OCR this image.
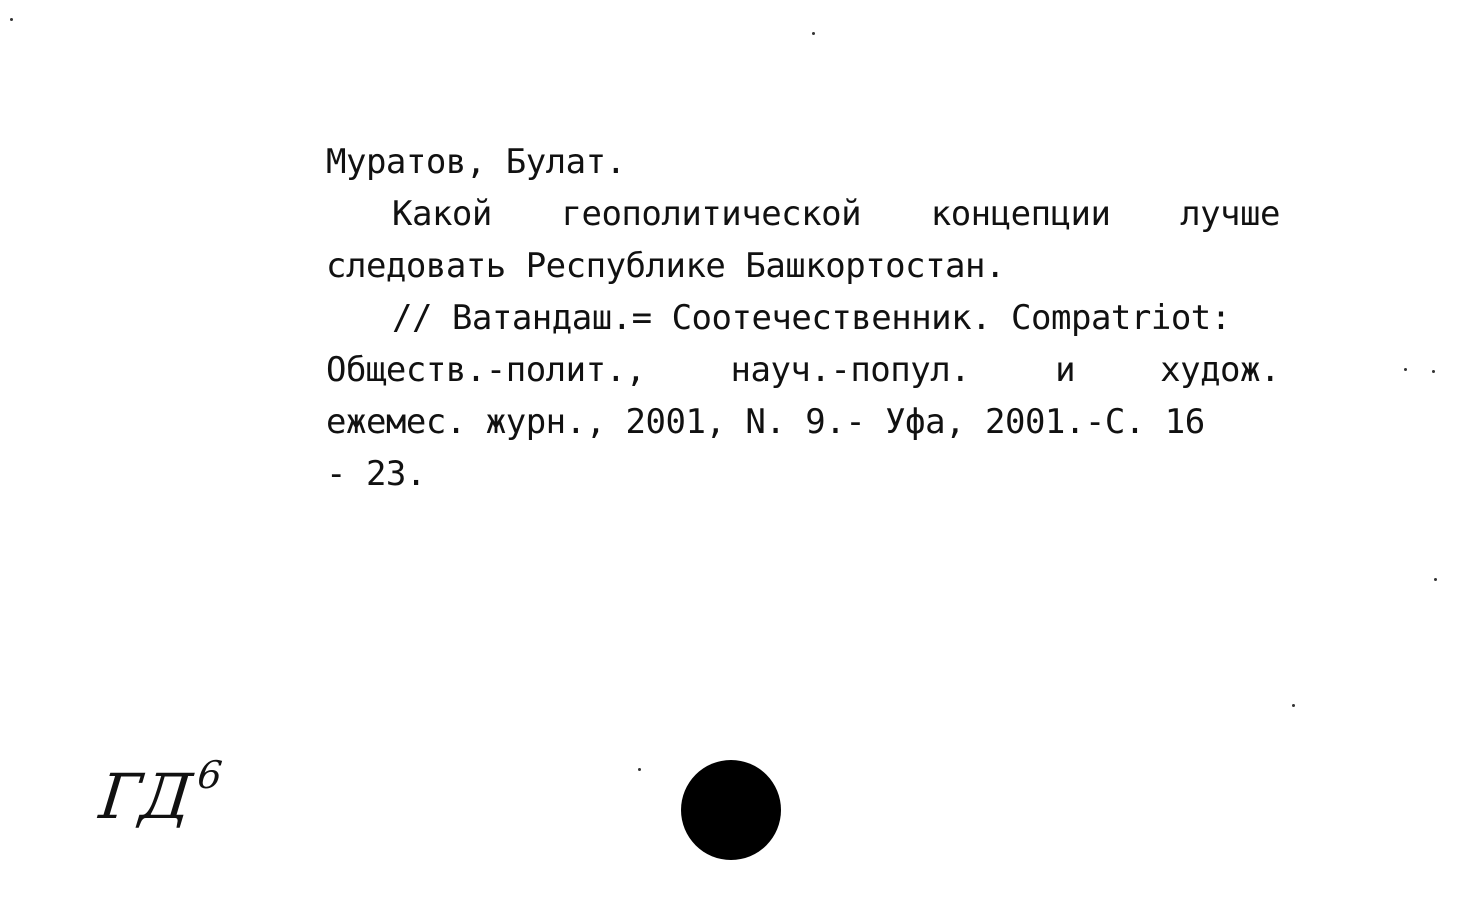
Муратов, Булат.
Какой геополитической концепции лучше
следовать Республике Башкортостан.
// Ватандаш.= Соотечественник. Compatriot:
Обществ.-полит.,	науч.-попул.	и	худож.
ежемес. журн., 2001, N. 9.- Уфа, 2001.-С. 16
- 23.
$ГД^6$
